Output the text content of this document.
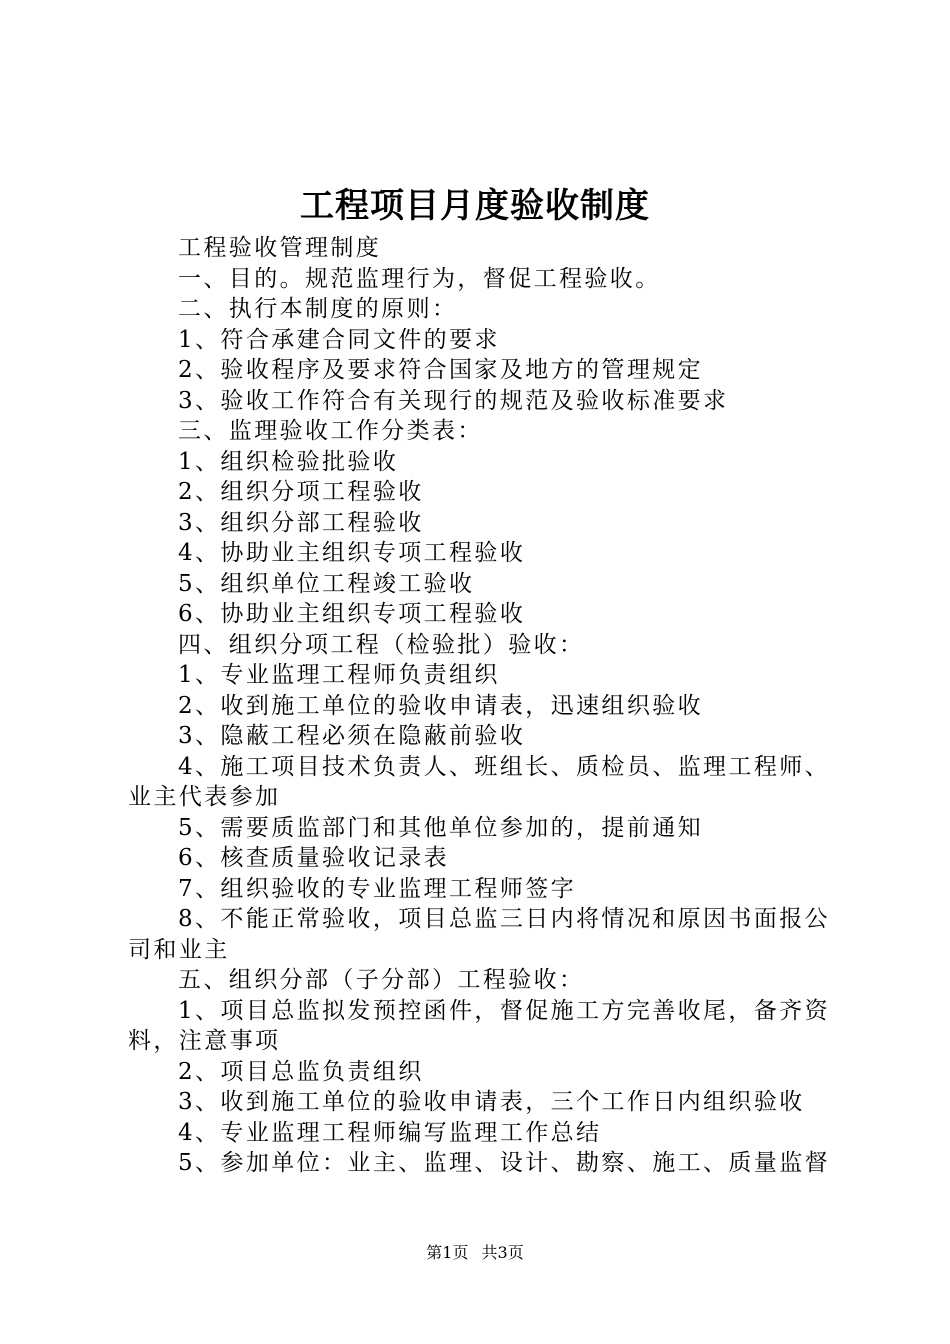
工程项目月度验收制度

工程验收管理制度

一、目的。规范监理行为，督促工程验收。

二、执行本制度的原则：

1、符合承建合同文件的要求

2、验收程序及要求符合国家及地方的管理规定

3、验收工作符合有关现行的规范及验收标准要求

三、监理验收工作分类表：

1、组织检验批验收

2、组织分项工程验收

3、组织分部工程验收

4、协助业主组织专项工程验收

5、组织单位工程竣工验收

6、协助业主组织专项工程验收

四、组织分项工程（检验批）验收：

1、专业监理工程师负责组织

2、收到施工单位的验收申请表，迅速组织验收

3、隐蔽工程必须在隐蔽前验收

4、施工项目技术负责人、班组长、质检员、监理工程师、业主代表参加

5、需要质监部门和其他单位参加的，提前通知

6、核查质量验收记录表

7、组织验收的专业监理工程师签字

8、不能正常验收，项目总监三日内将情况和原因书面报公司和业主

五、组织分部（子分部）工程验收：

1、项目总监拟发预控函件，督促施工方完善收尾，备齐资料，注意事项

2、项目总监负责组织

3、收到施工单位的验收申请表，三个工作日内组织验收

4、专业监理工程师编写监理工作总结

5、参加单位：业主、监理、设计、勘察、施工、质量监督

第1页 共3页
